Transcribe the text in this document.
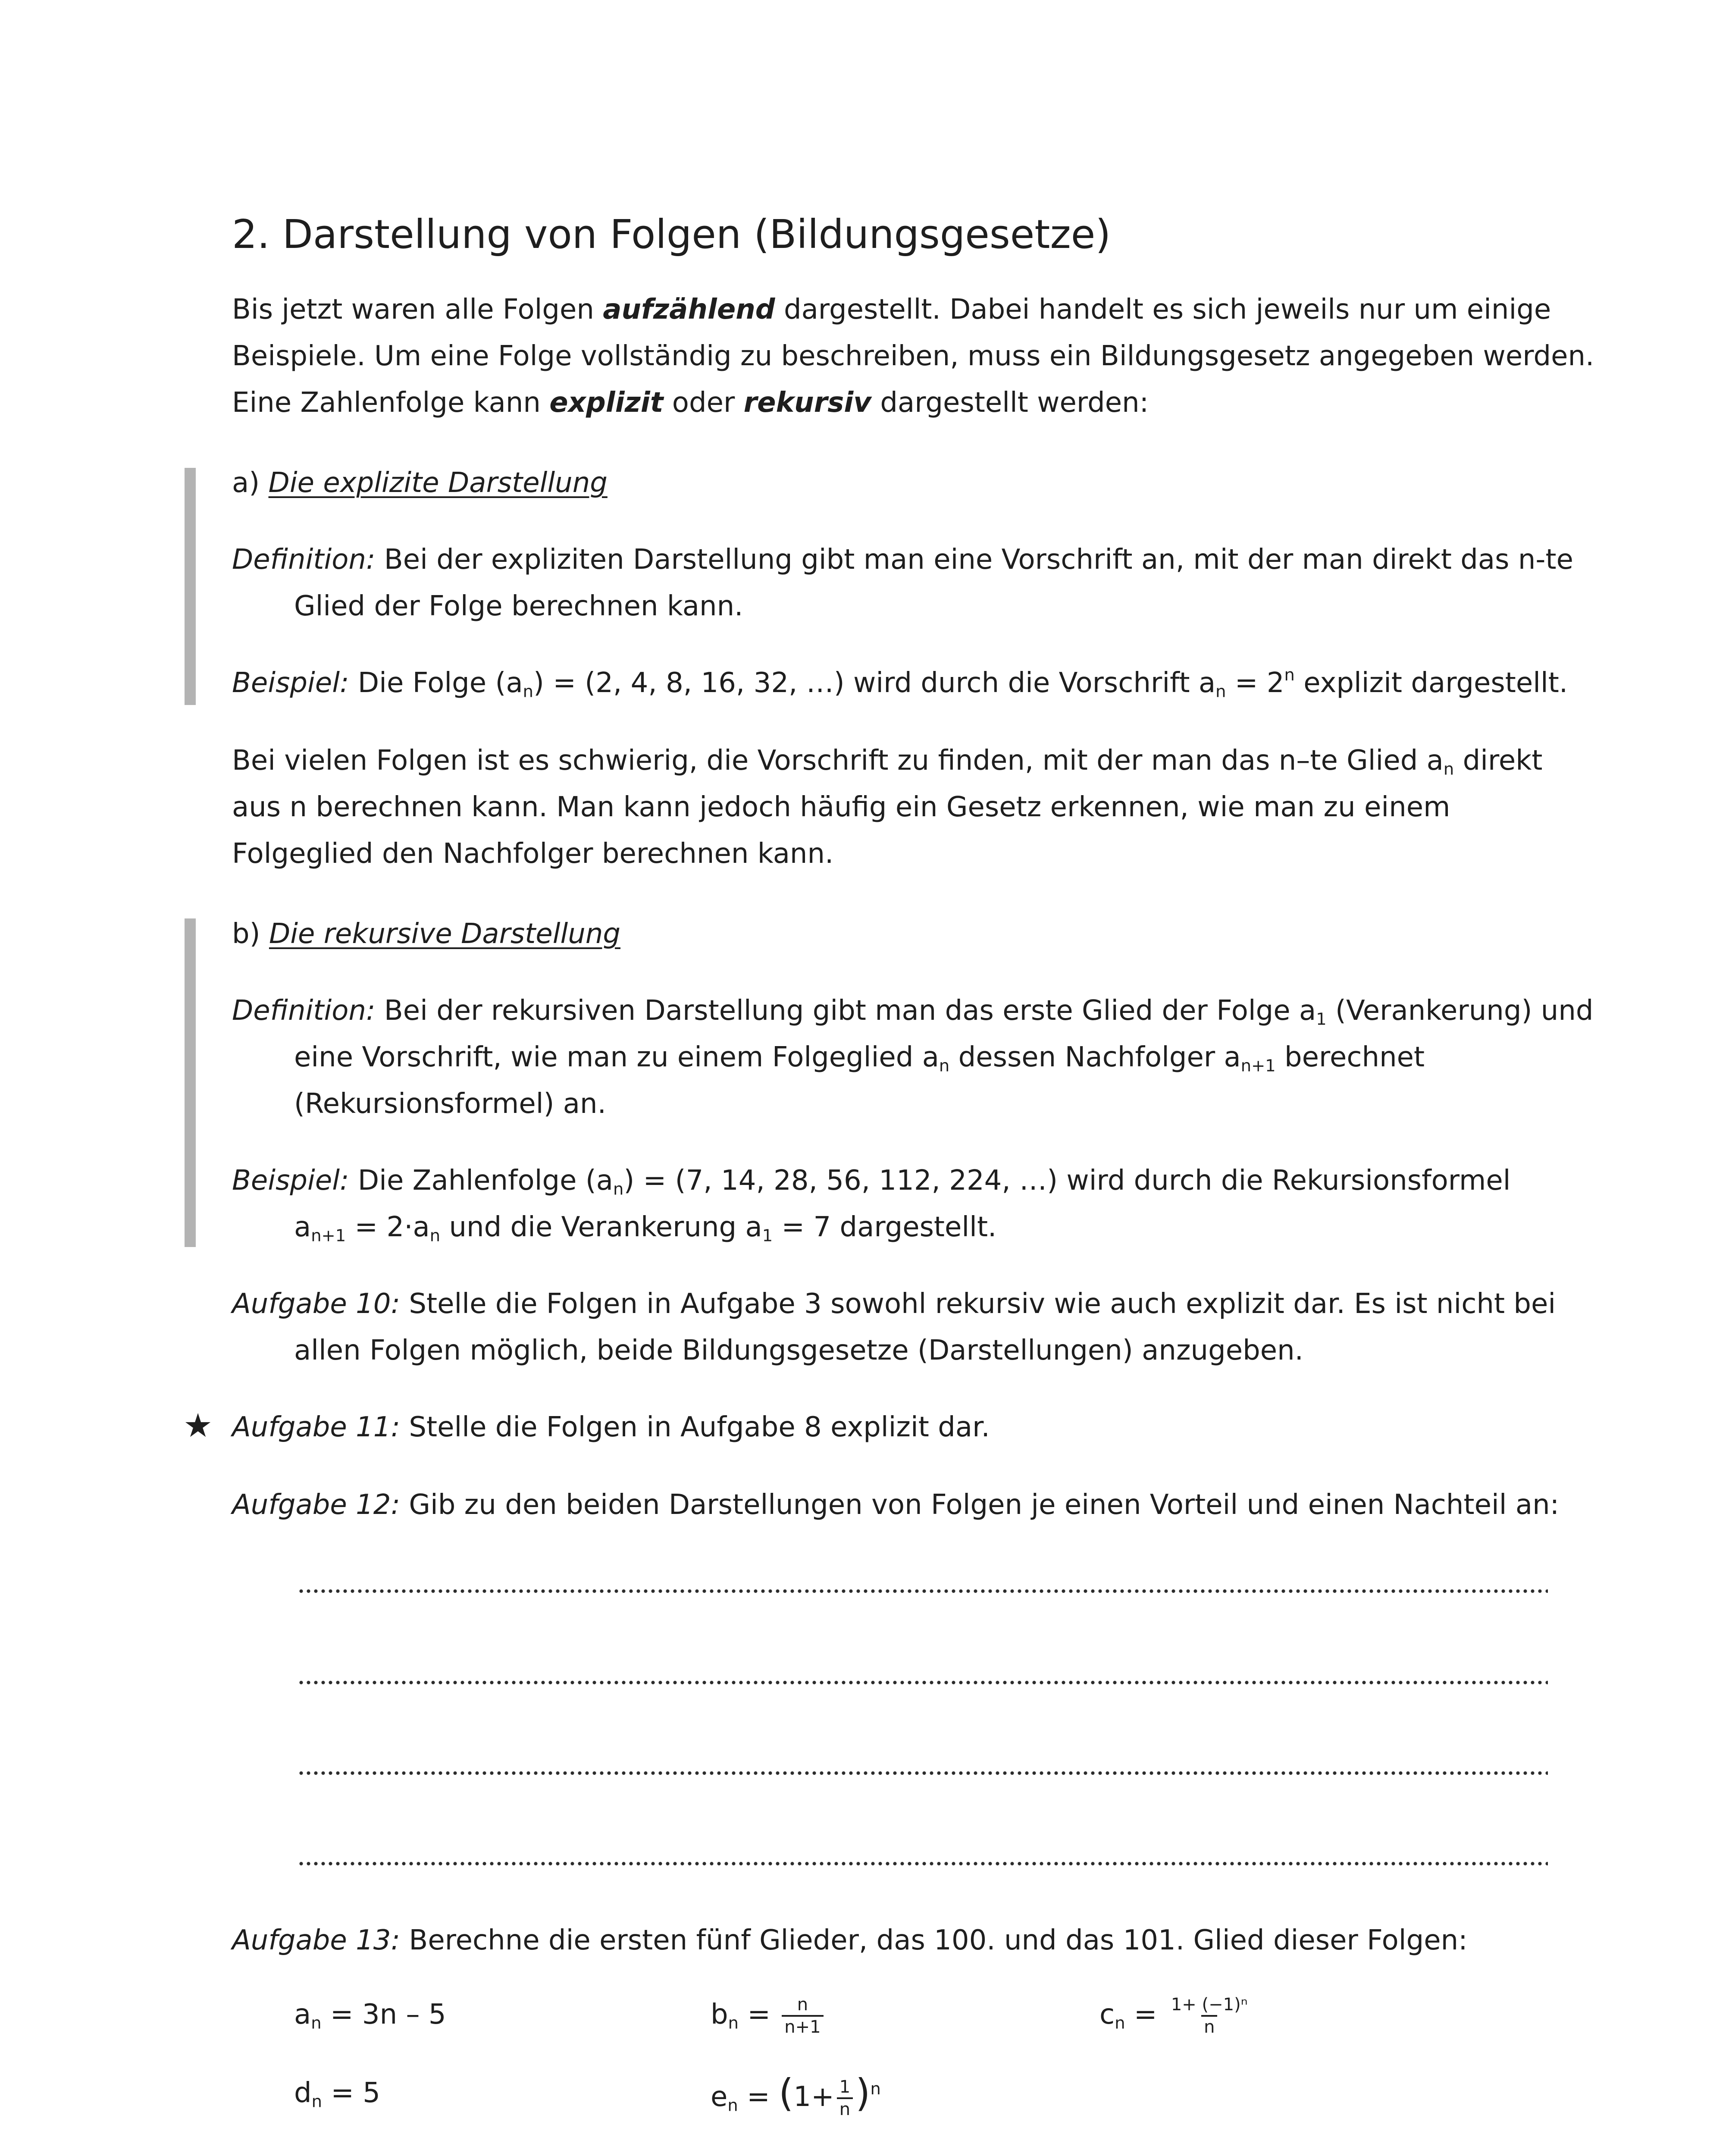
2. Darstellung von Folgen (Bildungsgesetze)
Bis jetzt waren alle Folgen aufzählend dargestellt. Dabei handelt es sich jeweils nur um einige
Beispiele. Um eine Folge vollständig zu beschreiben, muss ein Bildungsgesetz angegeben werden.
Eine Zahlenfolge kann explizit oder rekursiv dargestellt werden:
a) Die explizite Darstellung
Definition: Bei der expliziten Darstellung gibt man eine Vorschrift an, mit der man direkt das n-te
Glied der Folge berechnen kann.
Beispiel: Die Folge $(a_n) = (2$, 4, 8, 16, 32, …) wird durch die Vorschrift $a_n = 2^n$ explizit dargestellt.
Bei vielen Folgen ist es schwierig, die Vorschrift zu finden, mit der man das n–te Glied $a_n$ direkt
aus n berechnen kann. Man kann jedoch häufig ein Gesetz erkennen, wie man zu einem
Folgeglied den Nachfolger berechnen kann.
b) Die rekursive Darstellung
Definition: Bei der rekursiven Darstellung gibt man das erste Glied der Folge $a_1$ (Verankerung) und
eine Vorschrift, wie man zu einem Folgeglied $a_n$ dessen Nachfolger $a_{n+1}$ berechnet
(Rekursionsformel) an.
Beispiel: Die Zahlenfolge $(a_n) = (7$, 14, 28, 56, 112, 224, …) wird durch die Rekursionsformel
$a_{n+1} = 2\cdot a_n$ und die Verankerung $a_1 = 7$ dargestellt.
Aufgabe 10: Stelle die Folgen in Aufgabe 3 sowohl rekursiv wie auch explizit dar. Es ist nicht bei
allen Folgen möglich, beide Bildungsgesetze (Darstellungen) anzugeben.
★ Aufgabe 11: Stelle die Folgen in Aufgabe 8 explizit dar.
Aufgabe 12: Gib zu den beiden Darstellungen von Folgen je einen Vorteil und einen Nachteil an:
Aufgabe 13: Berechne die ersten fünf Glieder, das 100. und das 101. Glied dieser Folgen:
$a_n = 3n - 5$	$b_n = \frac{n}{n+1}$	$c_n = \frac{\text{1+ (−1)ⁿ}}{n}$
$d_n = 5$	$e_n = (1+ \frac{1}{n} )^n$
